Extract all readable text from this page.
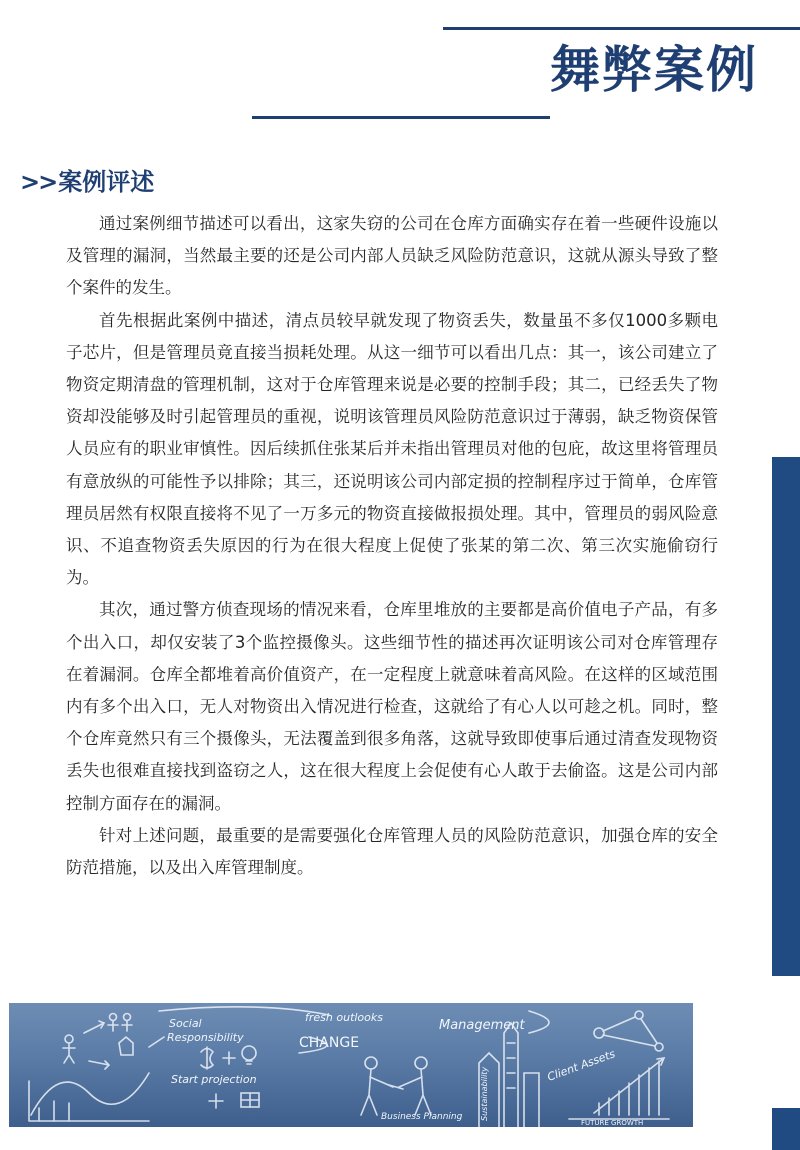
舞弊案例
>> 案例评述

通过案例细节描述可以看出，这家失窃的公司在仓库方面确实存在着一些硬件设施以及管理的漏洞，当然最主要的还是公司内部人员缺乏风险防范意识，这就从源头导致了整个案件的发生。

首先根据此案例中描述，清点员较早就发现了物资丢失，数量虽不多仅1000多颗电子芯片，但是管理员竟直接当损耗处理。从这一细节可以看出几点：其一，该公司建立了物资定期清盘的管理机制，这对于仓库管理来说是必要的控制手段；其二，已经丢失了物资却没能够及时引起管理员的重视，说明该管理员风险防范意识过于薄弱，缺乏物资保管人员应有的职业审慎性。因后续抓住张某后并未指出管理员对他的包庇，故这里将管理员有意放纵的可能性予以排除；其三，还说明该公司内部定损的控制程序过于简单，仓库管理员居然有权限直接将不见了一万多元的物资直接做报损处理。其中，管理员的弱风险意识、不追查物资丢失原因的行为在很大程度上促使了张某的第二次、第三次实施偷窃行为。

其次，通过警方侦查现场的情况来看，仓库里堆放的主要都是高价值电子产品，有多个出入口，却仅安装了3个监控摄像头。这些细节性的描述再次证明该公司对仓库管理存在着漏洞。仓库全都堆着高价值资产，在一定程度上就意味着高风险。在这样的区域范围内有多个出入口，无人对物资出入情况进行检查，这就给了有心人以可趁之机。同时，整个仓库竟然只有三个摄像头，无法覆盖到很多角落，这就导致即使事后通过清查发现物资丢失也很难直接找到盗窃之人，这在很大程度上会促使有心人敢于去偷盗。这是公司内部控制方面存在的漏洞。

针对上述问题，最重要的是需要强化仓库管理人员的风险防范意识，加强仓库的安全防范措施，以及出入库管理制度。

Social
Responsibility
fresh outlooks
Management
CHANGE
Start projection	Client Assets
Business Planning Sustainability
FUTURE GROWTH
